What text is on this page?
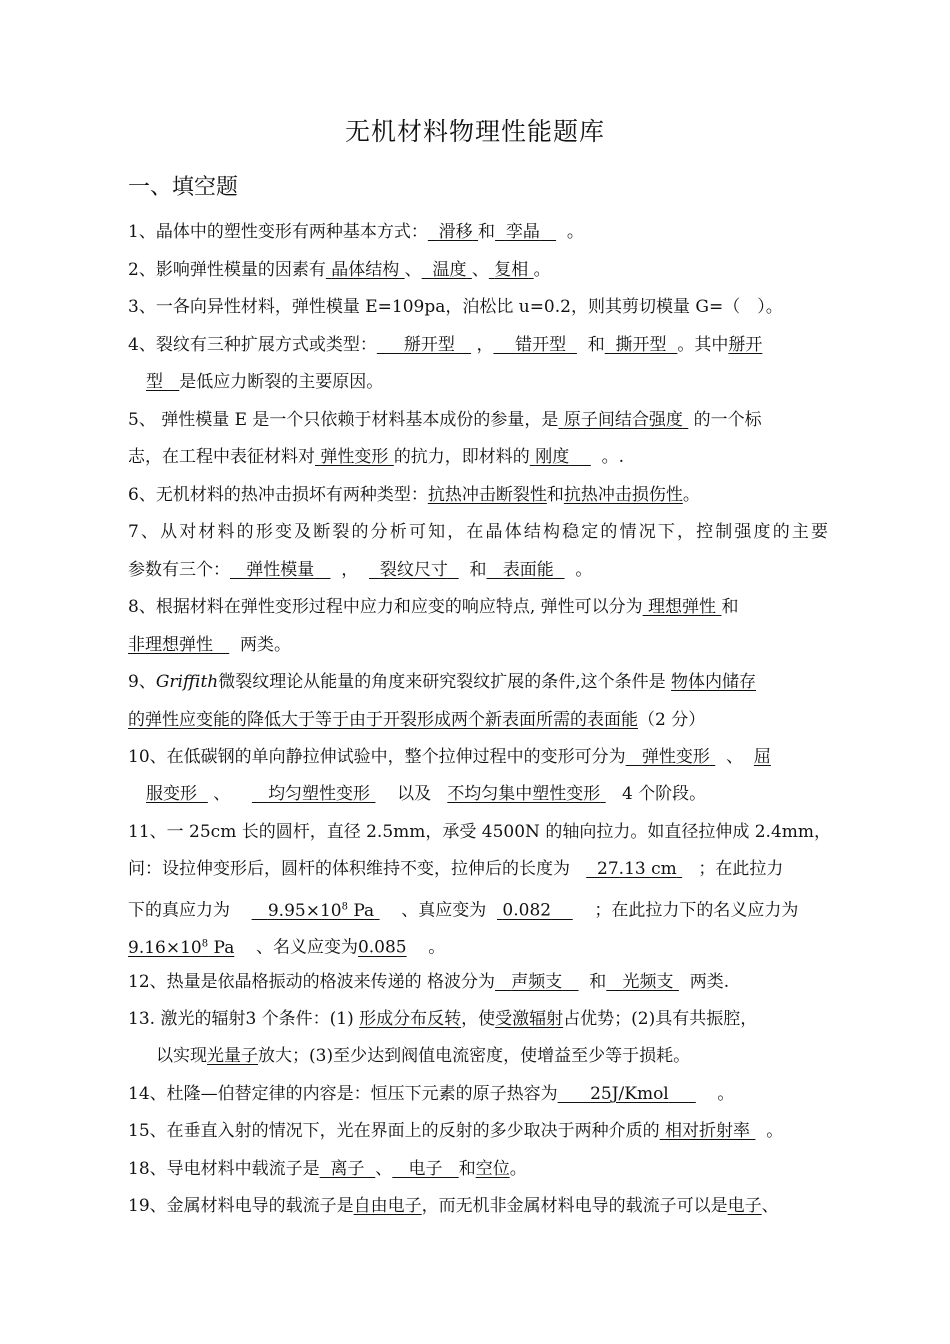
无机材料物理性能题库
一、填空题
1、晶体中的塑性变形有两种基本方式： 滑移 和 孪晶 。
2、影响弹性模量的因素有 晶体结构 、 温度 、 复相 。
3、一各向异性材料，弹性模量 E=109pa，泊松比 u=0.2，则其剪切模量 G=（　）。
4、裂纹有三种扩展方式或类型： 掰开型 ， 错开型 和 撕开型 。其中掰开
型 是低应力断裂的主要原因。
5、 弹性模量 E 是一个只依赖于材料基本成份的参量，是 原子间结合强度 的一个标
志，在工程中表征材料对 弹性变形 的抗力，即材料的 刚度 。.
6、无机材料的热冲击损坏有两种类型：抗热冲击断裂性和抗热冲击损伤性。
7、从对材料的形变及断裂的分析可知，在晶体结构稳定的情况下，控制强度的主要
参数有三个： 弹性模量 ， 裂纹尺寸 和 表面能 。
8、根据材料在弹性变形过程中应力和应变的响应特点, 弹性可以分为 理想弹性 和
非理想弹性 两类。
9、Griffith微裂纹理论从能量的角度来研究裂纹扩展的条件,这个条件是 物体内储存
的弹性应变能的降低大于等于由于开裂形成两个新表面所需的表面能（2 分）
10、在低碳钢的单向静拉伸试验中，整个拉伸过程中的变形可分为 弹性变形 、 屈
服变形 、 均匀塑性变形 以及 不均匀集中塑性变形 4 个阶段。
11、一 25cm 长的圆杆，直径 2.5mm，承受 4500N 的轴向拉力。如直径拉伸成 2.4mm，
问：设拉伸变形后，圆杆的体积维持不变，拉伸后的长度为 27.13 cm ；在此拉力
下的真应力为 $9.95\times 10^8$ Pa 、真应变为 0.082	；在此拉力下的名义应力为
$9.16\times 10^8$ Pa 、名义应变为0.085 。
12、热量是依晶格振动的格波来传递的 格波分为 声频支 和 光频支 两类.
13. 激光的辐射3 个条件：(1) 形成分布反转，使受激辐射占优势；(2)具有共振腔，
以实现光量子放大；(3)至少达到阀值电流密度，使增益至少等于损耗。
14、杜隆—伯替定律的内容是：恒压下元素的原子热容为 25J/Kmol	。
15、在垂直入射的情况下，光在界面上的反射的多少取决于两种介质的 相对折射率 。
18、导电材料中载流子是 离子 、 电子 和空位。
19、金属材料电导的载流子是自由电子，而无机非金属材料电导的载流子可以是电子、
